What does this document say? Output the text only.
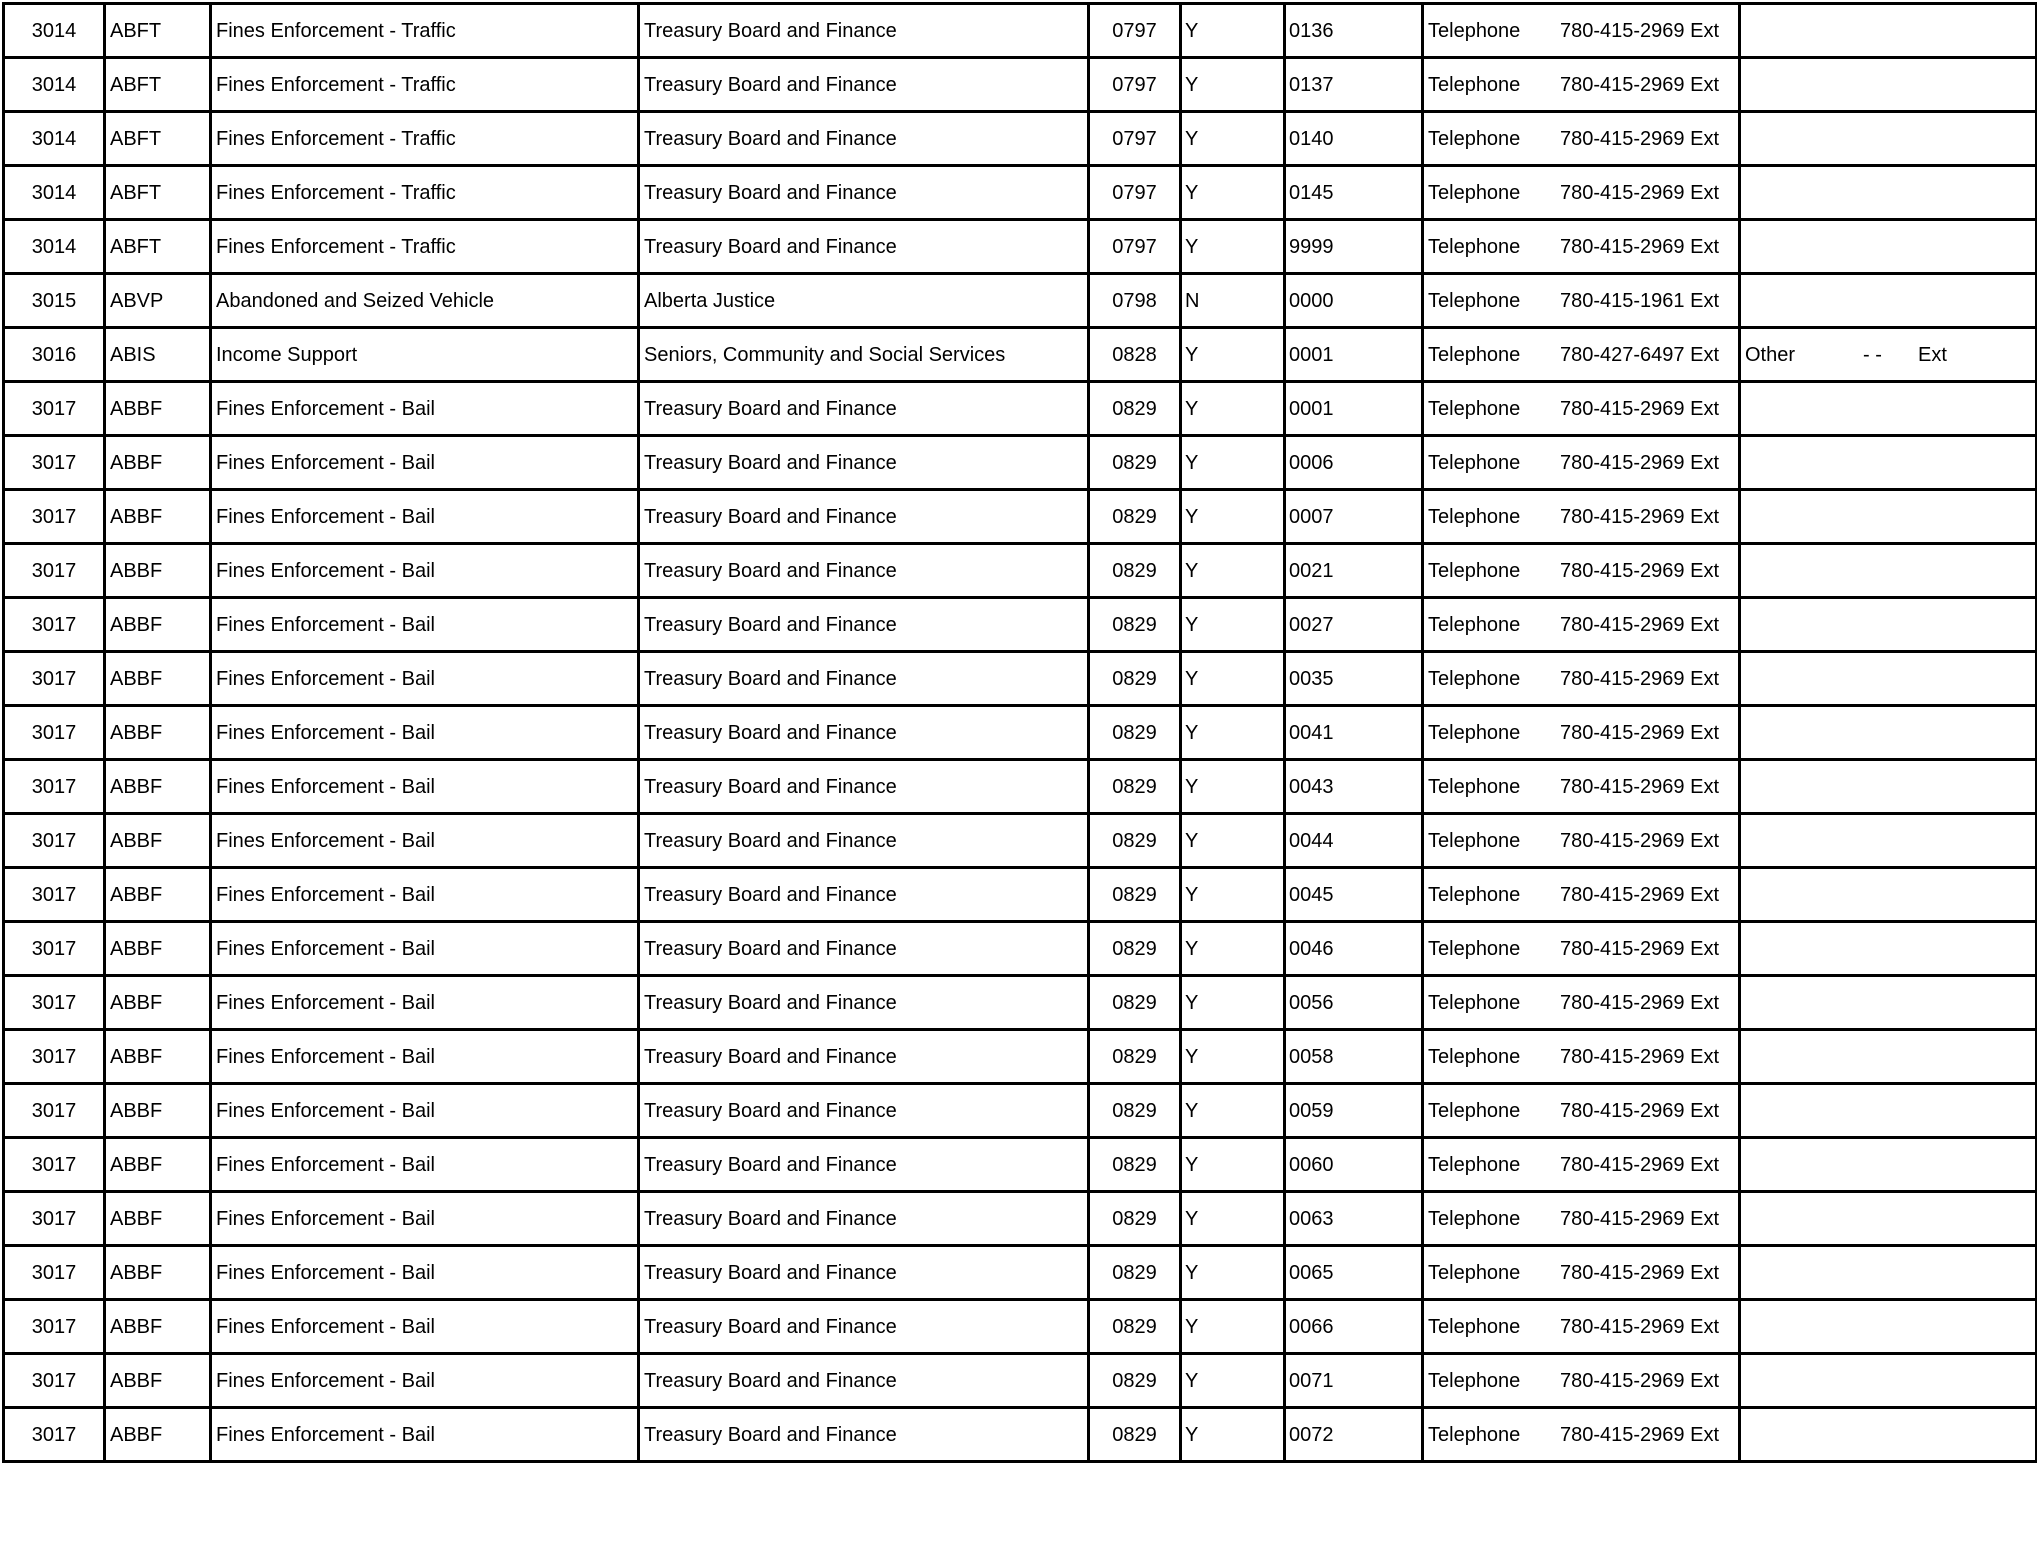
3014	ABFT	Fines Enforcement - Traffic	Treasury Board and Finance	0797	Y	0136	Telephone 780-415-2969 Ext	
3014	ABFT	Fines Enforcement - Traffic	Treasury Board and Finance	0797	Y	0137	Telephone 780-415-2969 Ext	
3014	ABFT	Fines Enforcement - Traffic	Treasury Board and Finance	0797	Y	0140	Telephone 780-415-2969 Ext	
3014	ABFT	Fines Enforcement - Traffic	Treasury Board and Finance	0797	Y	0145	Telephone 780-415-2969 Ext	
3014	ABFT	Fines Enforcement - Traffic	Treasury Board and Finance	0797	Y	9999	Telephone 780-415-2969 Ext	
3015	ABVP	Abandoned and Seized Vehicle	Alberta Justice	0798	N	0000	Telephone 780-415-1961 Ext	
3016	ABIS	Income Support	Seniors, Community and Social Services	0828	Y	0001	Telephone 780-427-6497 Ext	Other - - Ext
3017	ABBF	Fines Enforcement - Bail	Treasury Board and Finance	0829	Y	0001	Telephone 780-415-2969 Ext	
3017	ABBF	Fines Enforcement - Bail	Treasury Board and Finance	0829	Y	0006	Telephone 780-415-2969 Ext	
3017	ABBF	Fines Enforcement - Bail	Treasury Board and Finance	0829	Y	0007	Telephone 780-415-2969 Ext	
3017	ABBF	Fines Enforcement - Bail	Treasury Board and Finance	0829	Y	0021	Telephone 780-415-2969 Ext	
3017	ABBF	Fines Enforcement - Bail	Treasury Board and Finance	0829	Y	0027	Telephone 780-415-2969 Ext	
3017	ABBF	Fines Enforcement - Bail	Treasury Board and Finance	0829	Y	0035	Telephone 780-415-2969 Ext	
3017	ABBF	Fines Enforcement - Bail	Treasury Board and Finance	0829	Y	0041	Telephone 780-415-2969 Ext	
3017	ABBF	Fines Enforcement - Bail	Treasury Board and Finance	0829	Y	0043	Telephone 780-415-2969 Ext	
3017	ABBF	Fines Enforcement - Bail	Treasury Board and Finance	0829	Y	0044	Telephone 780-415-2969 Ext	
3017	ABBF	Fines Enforcement - Bail	Treasury Board and Finance	0829	Y	0045	Telephone 780-415-2969 Ext	
3017	ABBF	Fines Enforcement - Bail	Treasury Board and Finance	0829	Y	0046	Telephone 780-415-2969 Ext	
3017	ABBF	Fines Enforcement - Bail	Treasury Board and Finance	0829	Y	0056	Telephone 780-415-2969 Ext	
3017	ABBF	Fines Enforcement - Bail	Treasury Board and Finance	0829	Y	0058	Telephone 780-415-2969 Ext	
3017	ABBF	Fines Enforcement - Bail	Treasury Board and Finance	0829	Y	0059	Telephone 780-415-2969 Ext	
3017	ABBF	Fines Enforcement - Bail	Treasury Board and Finance	0829	Y	0060	Telephone 780-415-2969 Ext	
3017	ABBF	Fines Enforcement - Bail	Treasury Board and Finance	0829	Y	0063	Telephone 780-415-2969 Ext	
3017	ABBF	Fines Enforcement - Bail	Treasury Board and Finance	0829	Y	0065	Telephone 780-415-2969 Ext	
3017	ABBF	Fines Enforcement - Bail	Treasury Board and Finance	0829	Y	0066	Telephone 780-415-2969 Ext	
3017	ABBF	Fines Enforcement - Bail	Treasury Board and Finance	0829	Y	0071	Telephone 780-415-2969 Ext	
3017	ABBF	Fines Enforcement - Bail	Treasury Board and Finance	0829	Y	0072	Telephone 780-415-2969 Ext	
